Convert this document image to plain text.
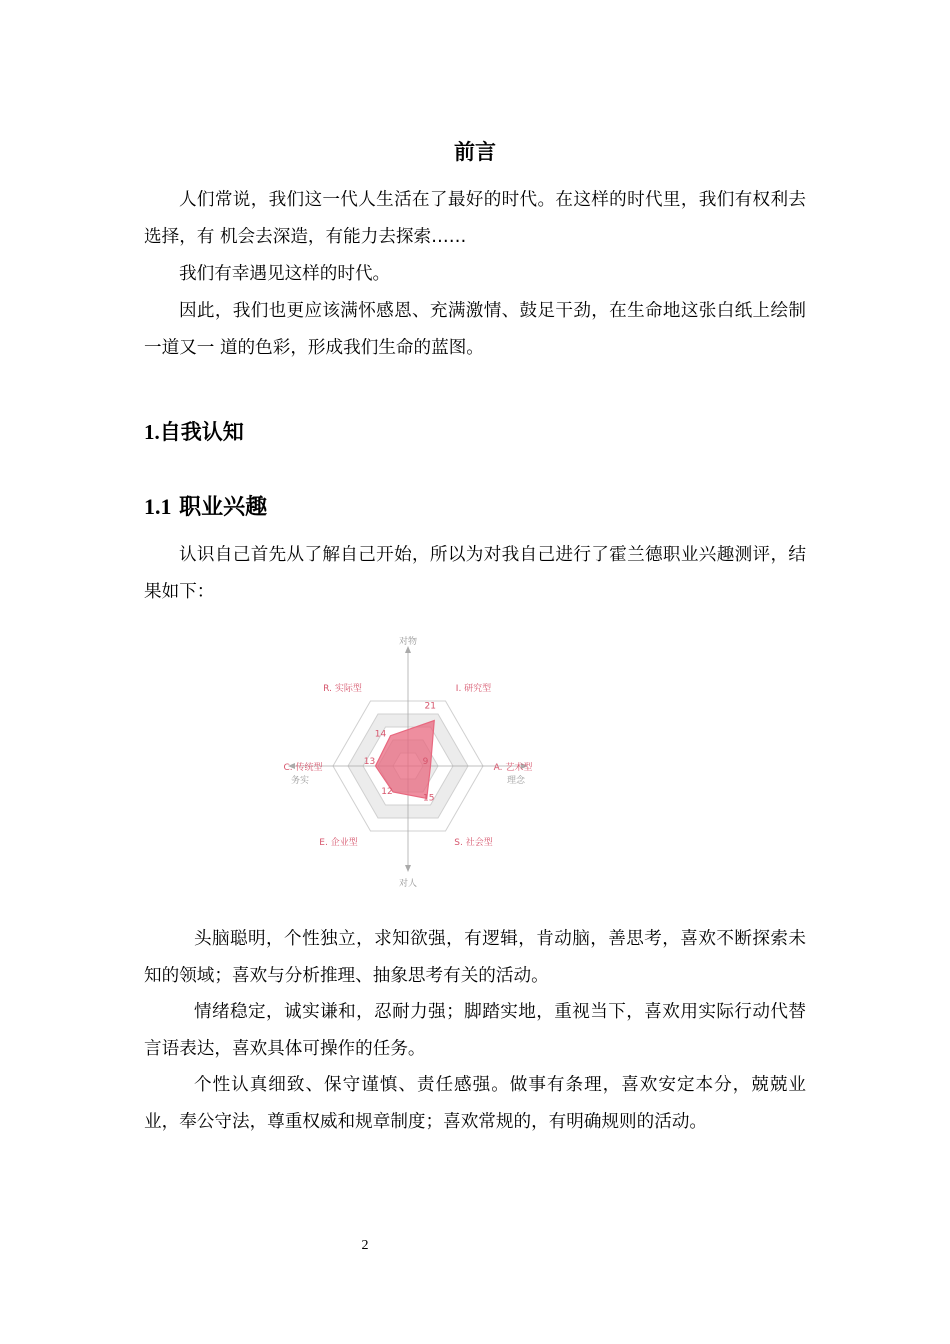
前言

人们常说，我们这一代人生活在了最好的时代。在这样的时代里，我们有权利去选择，有 机会去深造，有能力去探索……

我们有幸遇见这样的时代。

因此，我们也更应该满怀感恩、充满激情、鼓足干劲，在生命地这张白纸上绘制一道又一 道的色彩，形成我们生命的蓝图。

1.自我认知
1.1 职业兴趣

认识自己首先从了解自己开始，所以为对我自己进行了霍兰德职业兴趣测评，结果如下：

对物
对人
务实	理念
21
9
15
12
13
14
I. 研究型
A. 艺术型
S. 社会型
E. 企业型
C. 传统型
R. 实际型

头脑聪明，个性独立，求知欲强，有逻辑，肯动脑，善思考，喜欢不断探索未知的领域；喜欢与分析推理、抽象思考有关的活动。

情绪稳定，诚实谦和，忍耐力强；脚踏实地，重视当下，喜欢用实际行动代替言语表达，喜欢具体可操作的任务。

个性认真细致、保守谨慎、责任感强。做事有条理，喜欢安定本分，兢兢业业，奉公守法，尊重权威和规章制度；喜欢常规的，有明确规则的活动。

2
